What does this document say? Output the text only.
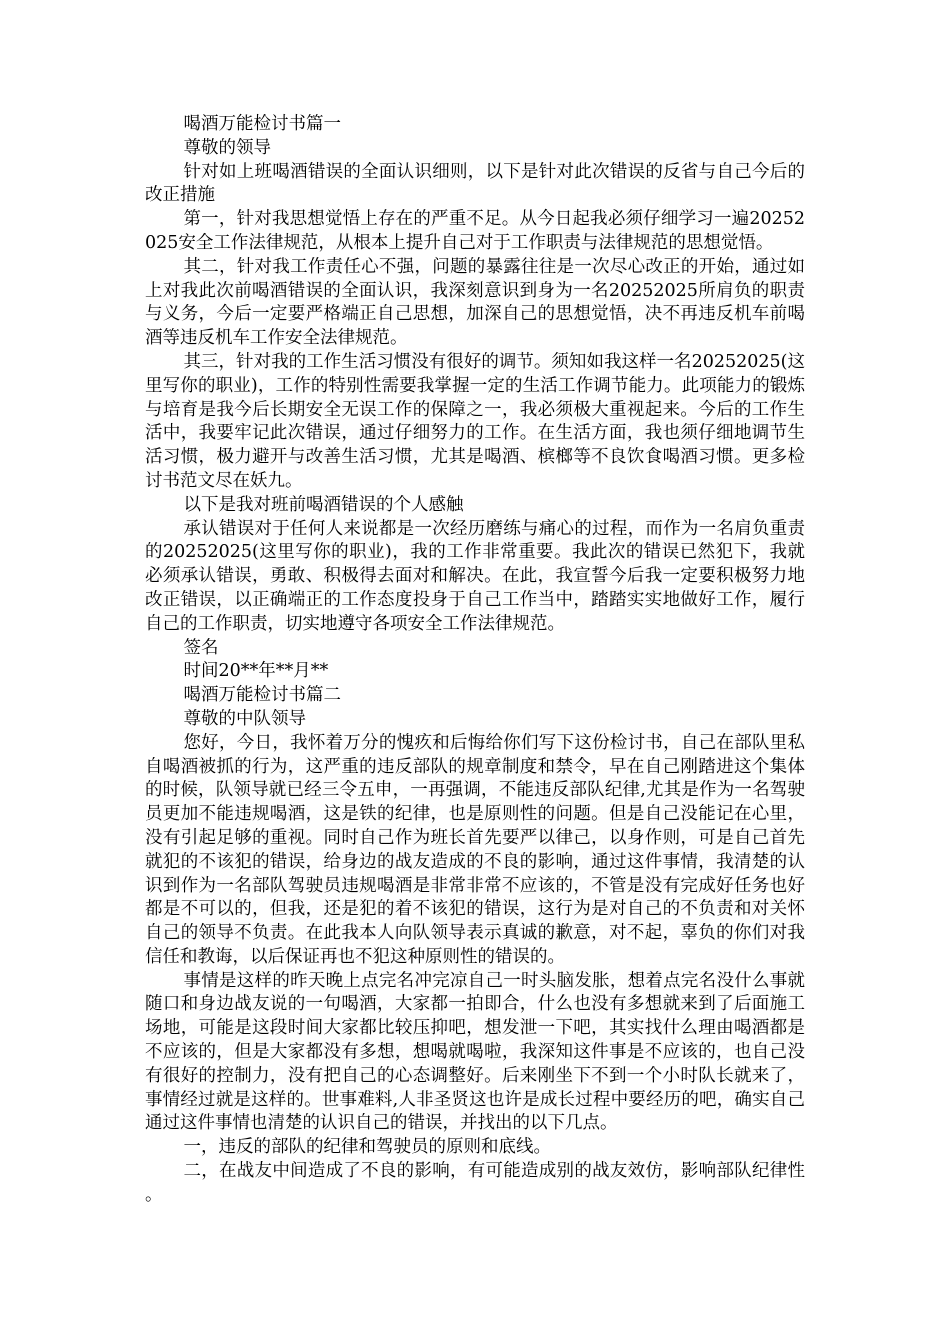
喝酒万能检讨书篇一

尊敬的领导

针对如上班喝酒错误的全面认识细则，以下是针对此次错误的反省与自己今后的改正措施

第一，针对我思想觉悟上存在的严重不足。从今日起我必须仔细学习一遍20252025安全工作法律规范，从根本上提升自己对于工作职责与法律规范的思想觉悟。

其二，针对我工作责任心不强，问题的暴露往往是一次尽心改正的开始，通过如上对我此次前喝酒错误的全面认识，我深刻意识到身为一名20252025所肩负的职责与义务，今后一定要严格端正自己思想，加深自己的思想觉悟，决不再违反机车前喝酒等违反机车工作安全法律规范。

其三，针对我的工作生活习惯没有很好的调节。须知如我这样一名20252025(这里写你的职业)，工作的特别性需要我掌握一定的生活工作调节能力。此项能力的锻炼与培育是我今后长期安全无误工作的保障之一，我必须极大重视起来。今后的工作生活中，我要牢记此次错误，通过仔细努力的工作。在生活方面，我也须仔细地调节生活习惯，极力避开与改善生活习惯，尤其是喝酒、槟榔等不良饮食喝酒习惯。更多检讨书范文尽在妖九。

以下是我对班前喝酒错误的个人感触

承认错误对于任何人来说都是一次经历磨练与痛心的过程，而作为一名肩负重责的20252025(这里写你的职业)，我的工作非常重要。我此次的错误已然犯下，我就必须承认错误，勇敢、积极得去面对和解决。在此，我宣誓今后我一定要积极努力地改正错误，以正确端正的工作态度投身于自己工作当中，踏踏实实地做好工作，履行自己的工作职责，切实地遵守各项安全工作法律规范。

签名

时间20**年**月**

喝酒万能检讨书篇二

尊敬的中队领导

您好，今日，我怀着万分的愧疚和后悔给你们写下这份检讨书，自己在部队里私自喝酒被抓的行为，这严重的违反部队的规章制度和禁令，早在自己刚踏进这个集体的时候，队领导就已经三令五申，一再强调，不能违反部队纪律,尤其是作为一名驾驶员更加不能违规喝酒，这是铁的纪律，也是原则性的问题。但是自己没能记在心里，没有引起足够的重视。同时自己作为班长首先要严以律己，以身作则，可是自己首先就犯的不该犯的错误，给身边的战友造成的不良的影响，通过这件事情，我清楚的认识到作为一名部队驾驶员违规喝酒是非常非常不应该的，不管是没有完成好任务也好都是不可以的，但我，还是犯的着不该犯的错误，这行为是对自己的不负责和对关怀自己的领导不负责。在此我本人向队领导表示真诚的歉意，对不起，辜负的你们对我信任和教诲，以后保证再也不犯这种原则性的错误的。

事情是这样的昨天晚上点完名冲完凉自己一时头脑发胀，想着点完名没什么事就随口和身边战友说的一句喝酒，大家都一拍即合，什么也没有多想就来到了后面施工场地，可能是这段时间大家都比较压抑吧，想发泄一下吧，其实找什么理由喝酒都是不应该的，但是大家都没有多想，想喝就喝啦，我深知这件事是不应该的，也自己没有很好的控制力，没有把自己的心态调整好。后来刚坐下不到一个小时队长就来了，事情经过就是这样的。世事难料,人非圣贤这也许是成长过程中要经历的吧，确实自己通过这件事情也清楚的认识自己的错误，并找出的以下几点。

一，违反的部队的纪律和驾驶员的原则和底线。

二，在战友中间造成了不良的影响，有可能造成别的战友效仿，影响部队纪律性。
